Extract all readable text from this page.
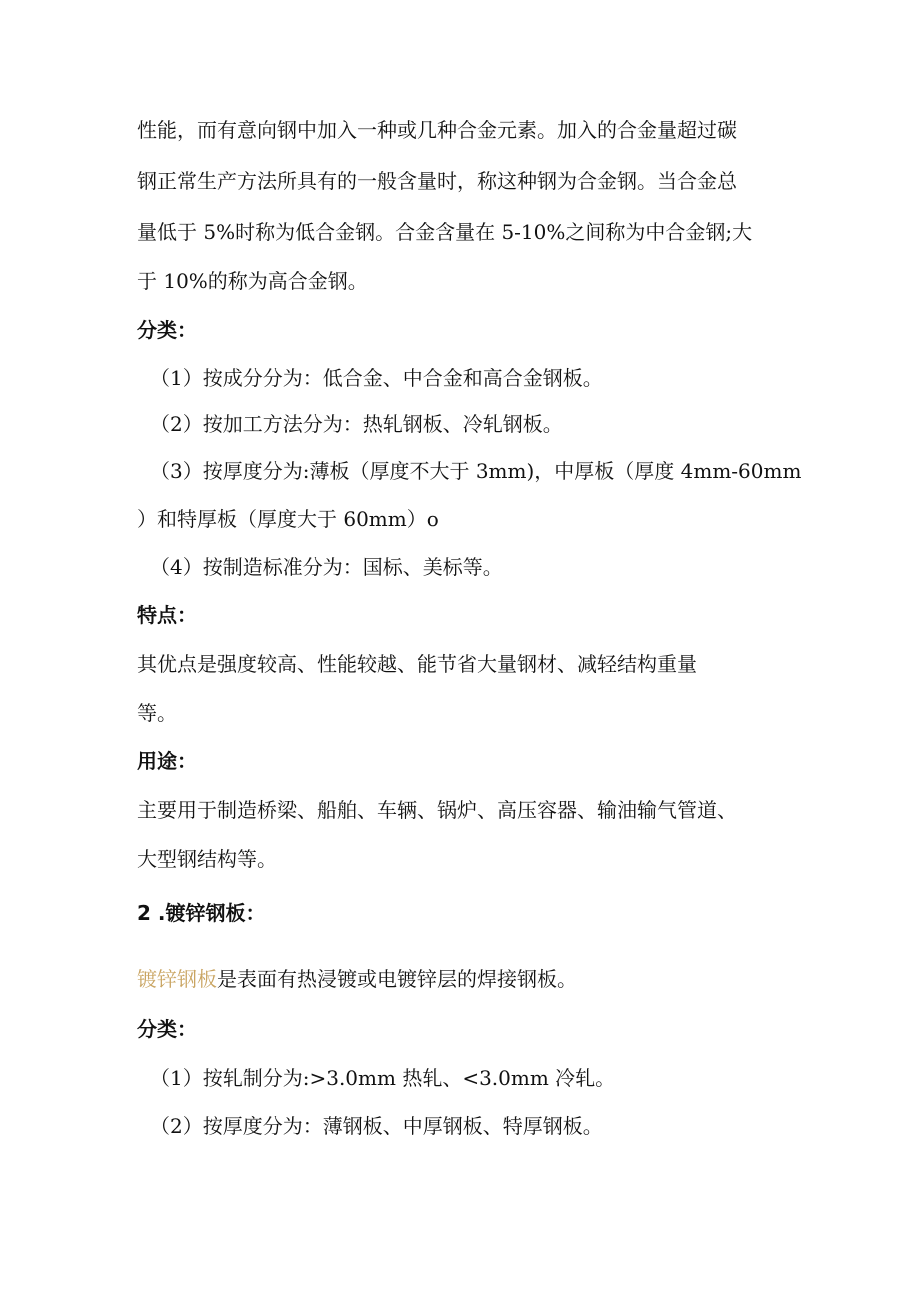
性能，而有意向钢中加入一种或几种合金元素。加入的合金量超过碳
钢正常生产方法所具有的一般含量时，称这种钢为合金钢。当合金总
量低于 5%时称为低合金钢。合金含量在 5-10%之间称为中合金钢;大
于 10%的称为高合金钢。
分类：
（1）按成分分为：低合金、中合金和高合金钢板。
（2）按加工方法分为：热轧钢板、冷轧钢板。
（3）按厚度分为:薄板（厚度不大于 3mm)，中厚板（厚度 4mm-60mm
）和特厚板（厚度大于 60mm）o
（4）按制造标准分为：国标、美标等。
特点：
其优点是强度较高、性能较越、能节省大量钢材、减轻结构重量
等。
用途：
主要用于制造桥梁、船舶、车辆、锅炉、高压容器、输油输气管道、
大型钢结构等。
2 .镀锌钢板：
镀锌钢板是表面有热浸镀或电镀锌层的焊接钢板。
分类：
（1）按轧制分为:>3.0mm 热轧、<3.0mm 冷轧。
（2）按厚度分为：薄钢板、中厚钢板、特厚钢板。
